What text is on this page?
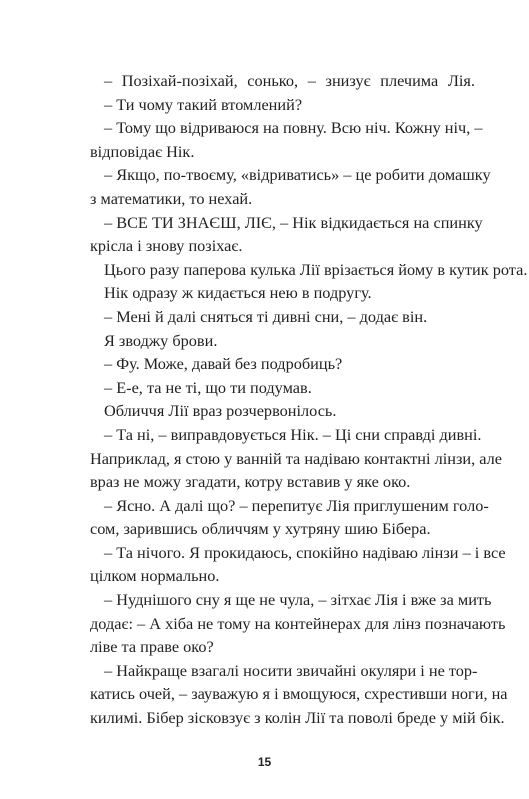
– Позіхай-позіхай, сонько, – знизує плечима Лія.
– Ти чому такий втомлений?
– Тому що відриваюся на повну. Всю ніч. Кожну ніч, –
відповідає Нік.
– Якщо, по-твоєму, «відриватись» – це робити домашку
з математики, то нехай.
– ВСЕ ТИ ЗНАЄШ, ЛІЄ, – Нік відкидається на спинку
крісла і знову позіхає.
Цього разу паперова кулька Лії врізається йому в кутик рота.
Нік одразу ж кидається нею в подругу.
– Мені й далі сняться ті дивні сни, – додає він.
Я зводжу брови.
– Фу. Може, давай без подробиць?
– Е-е, та не ті, що ти подумав.
Обличчя Лії враз розчервонілось.
– Та ні, – виправдовується Нік. – Ці сни справді дивні.
Наприклад, я стою у ванній та надіваю контактні лінзи, але
враз не можу згадати, котру вставив у яке око.
– Ясно. А далі що? – перепитує Лія приглушеним голо-
сом, зарившись обличчям у хутряну шию Бібера.
– Та нічого. Я прокидаюсь, спокійно надіваю лінзи – і все
цілком нормально.
– Нуднішого сну я ще не чула, – зітхає Лія і вже за мить
додає: – А хіба не тому на контейнерах для лінз позначають
ліве та праве око?
– Найкраще взагалі носити звичайні окуляри і не тор-
катись очей, – зауважую я і вмощуюся, схрестивши ноги, на
килимі. Бібер зісковзує з колін Лії та поволі бреде у мій бік.
15
